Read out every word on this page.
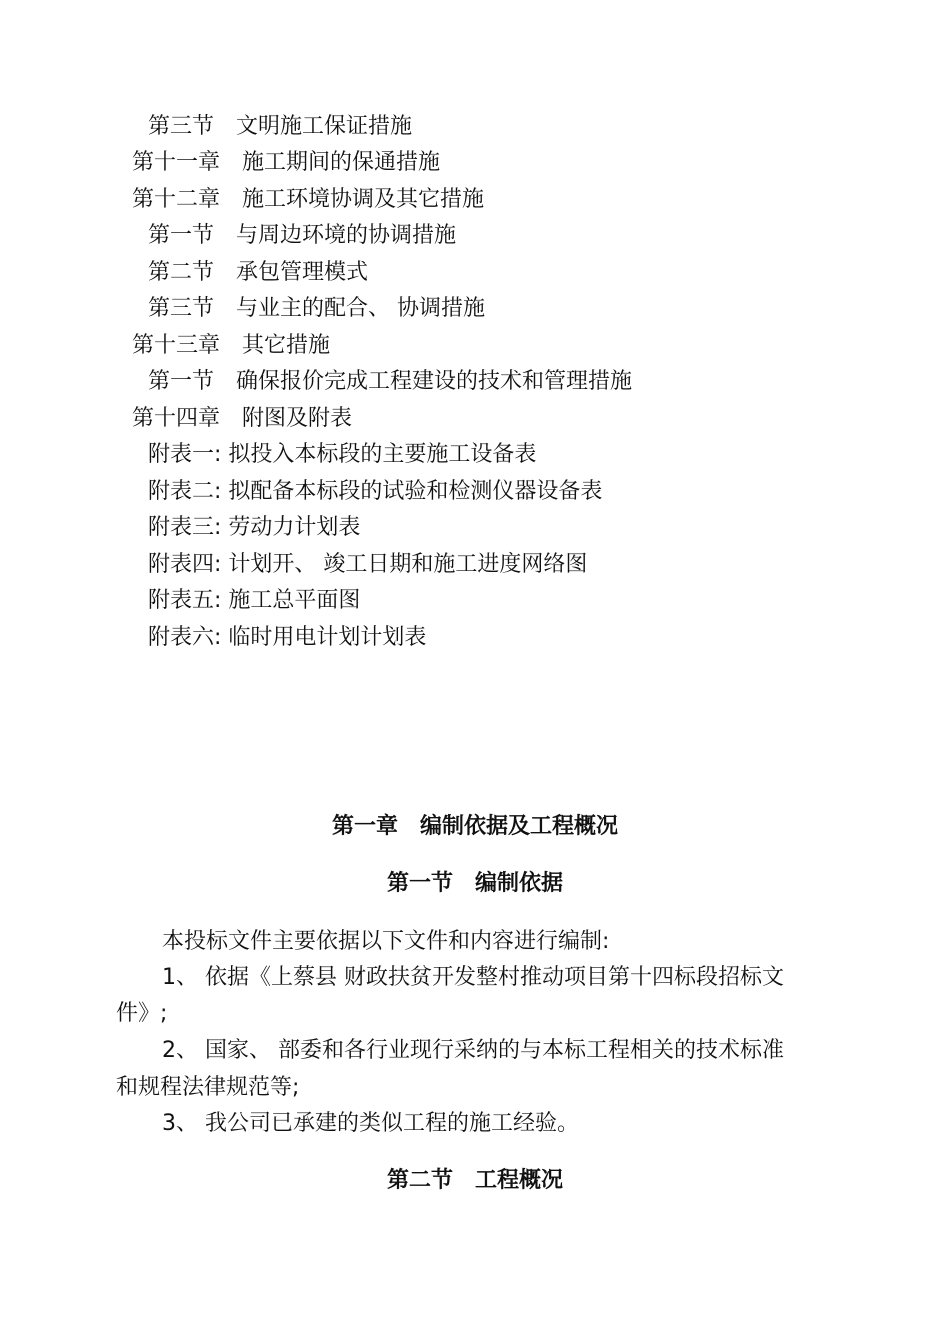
第三节　文明施工保证措施
第十一章　施工期间的保通措施
第十二章　施工环境协调及其它措施
第一节　与周边环境的协调措施
第二节　承包管理模式
第三节　与业主的配合、 协调措施
第十三章　其它措施
第一节　确保报价完成工程建设的技术和管理措施
第十四章　附图及附表
附表一: 拟投入本标段的主要施工设备表
附表二: 拟配备本标段的试验和检测仪器设备表
附表三: 劳动力计划表
附表四: 计划开、 竣工日期和施工进度网络图
附表五: 施工总平面图
附表六: 临时用电计划计划表
第一章　编制依据及工程概况
第一节　编制依据
本投标文件主要依据以下文件和内容进行编制:
1、 依据《上蔡县 财政扶贫开发整村推动项目第十四标段招标文
件》;
2、 国家、 部委和各行业现行采纳的与本标工程相关的技术标准
和规程法律规范等;
3、 我公司已承建的类似工程的施工经验。
第二节　工程概况
